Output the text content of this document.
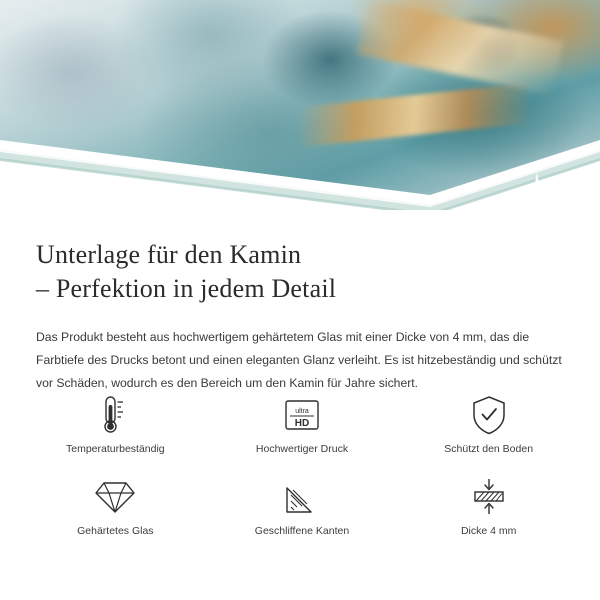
Unterlage für den Kamin
– Perfektion in jedem Detail

Das Produkt besteht aus hochwertigem gehärtetem Glas mit einer Dicke von 4 mm, das die Farbtiefe des Drucks betont und einen eleganten Glanz verleiht. Es ist hitzebeständig und schützt vor Schäden, wodurch es den Bereich um den Kamin für Jahre sichert.

Temperaturbeständig
ultra
HD
Hochwertiger Druck	Schützt den Boden
Gehärtetes Glas	Geschliffene Kanten	Dicke 4 mm
